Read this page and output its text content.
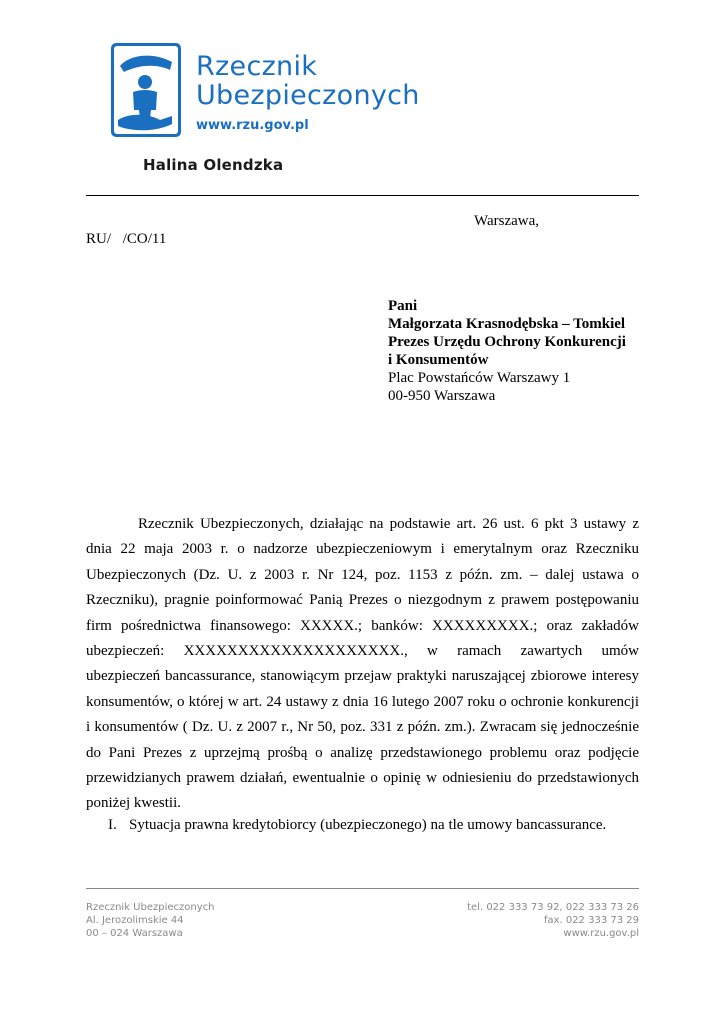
Rzecznik
Ubezpieczonych
www.rzu.gov.pl
Halina Olendzka
Warszawa,
RU/ /CO/11
Pani
Małgorzata Krasnodębska – Tomkiel
Prezes Urzędu Ochrony Konkurencji
i Konsumentów
Plac Powstańców Warszawy 1
00-950 Warszawa

Rzecznik Ubezpieczonych, działając na podstawie art. 26 ust. 6 pkt 3 ustawy z dnia 22 maja 2003 r. o nadzorze ubezpieczeniowym i emerytalnym oraz Rzeczniku Ubezpieczonych (Dz. U. z 2003 r. Nr 124, poz. 1153 z późn. zm. – dalej ustawa o Rzeczniku), pragnie poinformować Panią Prezes o niezgodnym z prawem postępowaniu firm pośrednictwa finansowego: XXXXX.; banków: XXXXXXXXX.; oraz zakładów ubezpieczeń: XXXXXXXXXXXXXXXXXXXX., w ramach zawartych umów ubezpieczeń bancassurance, stanowiącym przejaw praktyki naruszającej zbiorowe interesy konsumentów, o której w art. 24 ustawy z dnia 16 lutego 2007 roku o ochronie konkurencji i konsumentów ( Dz. U. z 2007 r., Nr 50, poz. 331 z późn. zm.). Zwracam się jednocześnie do Pani Prezes z uprzejmą prośbą o analizę przedstawionego problemu oraz podjęcie przewidzianych prawem działań, ewentualnie o opinię w odniesieniu do przedstawionych poniżej kwestii.

I. Sytuacja prawna kredytobiorcy (ubezpieczonego) na tle umowy bancassurance.
Rzecznik Ubezpieczonych
Al. Jerozolimskie 44
00 – 024 Warszawa
tel. 022 333 73 92, 022 333 73 26
fax. 022 333 73 29
www.rzu.gov.pl
